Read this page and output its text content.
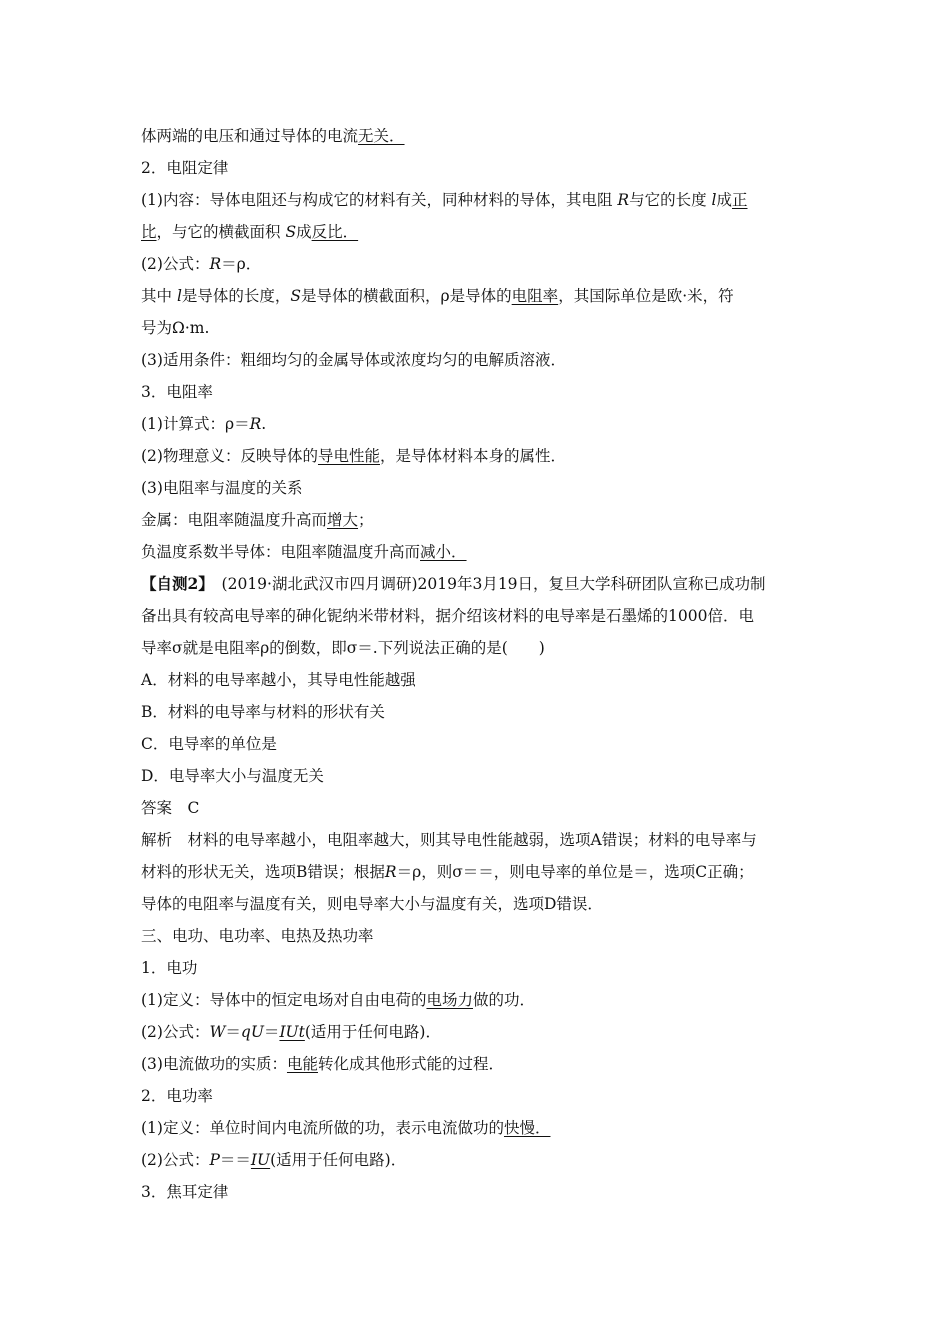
体两端的电压和通过导体的电流无关．
2．电阻定律
(1)内容：导体电阻还与构成它的材料有关，同种材料的导体，其电阻 R与它的长度 l成正
比，与它的横截面积 S成反比．
(2)公式：R＝ρ．
其中 l是导体的长度，S是导体的横截面积，ρ是导体的电阻率，其国际单位是欧·米，符
号为Ω·m.
(3)适用条件：粗细均匀的金属导体或浓度均匀的电解质溶液．
3．电阻率
(1)计算式：ρ＝R.
(2)物理意义：反映导体的导电性能，是导体材料本身的属性．
(3)电阻率与温度的关系
金属：电阻率随温度升高而增大；
负温度系数半导体：电阻率随温度升高而减小．
【自测2】　(2019·湖北武汉市四月调研)2019年3月19日，复旦大学科研团队宣称已成功制
备出具有较高电导率的砷化铌纳米带材料，据介绍该材料的电导率是石墨烯的1000倍．电
导率σ就是电阻率ρ的倒数，即σ＝.下列说法正确的是(　　)
A．材料的电导率越小，其导电性能越强
B．材料的电导率与材料的形状有关
C．电导率的单位是
D．电导率大小与温度无关
答案　C
解析　材料的电导率越小，电阻率越大，则其导电性能越弱，选项A错误；材料的电导率与
材料的形状无关，选项B错误；根据R＝ρ，则σ＝＝，则电导率的单位是＝，选项C正确；
导体的电阻率与温度有关，则电导率大小与温度有关，选项D错误．
三、电功、电功率、电热及热功率
1．电功
(1)定义：导体中的恒定电场对自由电荷的电场力做的功．
(2)公式：W＝qU＝IUt(适用于任何电路)．
(3)电流做功的实质：电能转化成其他形式能的过程．
2．电功率
(1)定义：单位时间内电流所做的功，表示电流做功的快慢．
(2)公式：P＝＝IU(适用于任何电路)．
3．焦耳定律
